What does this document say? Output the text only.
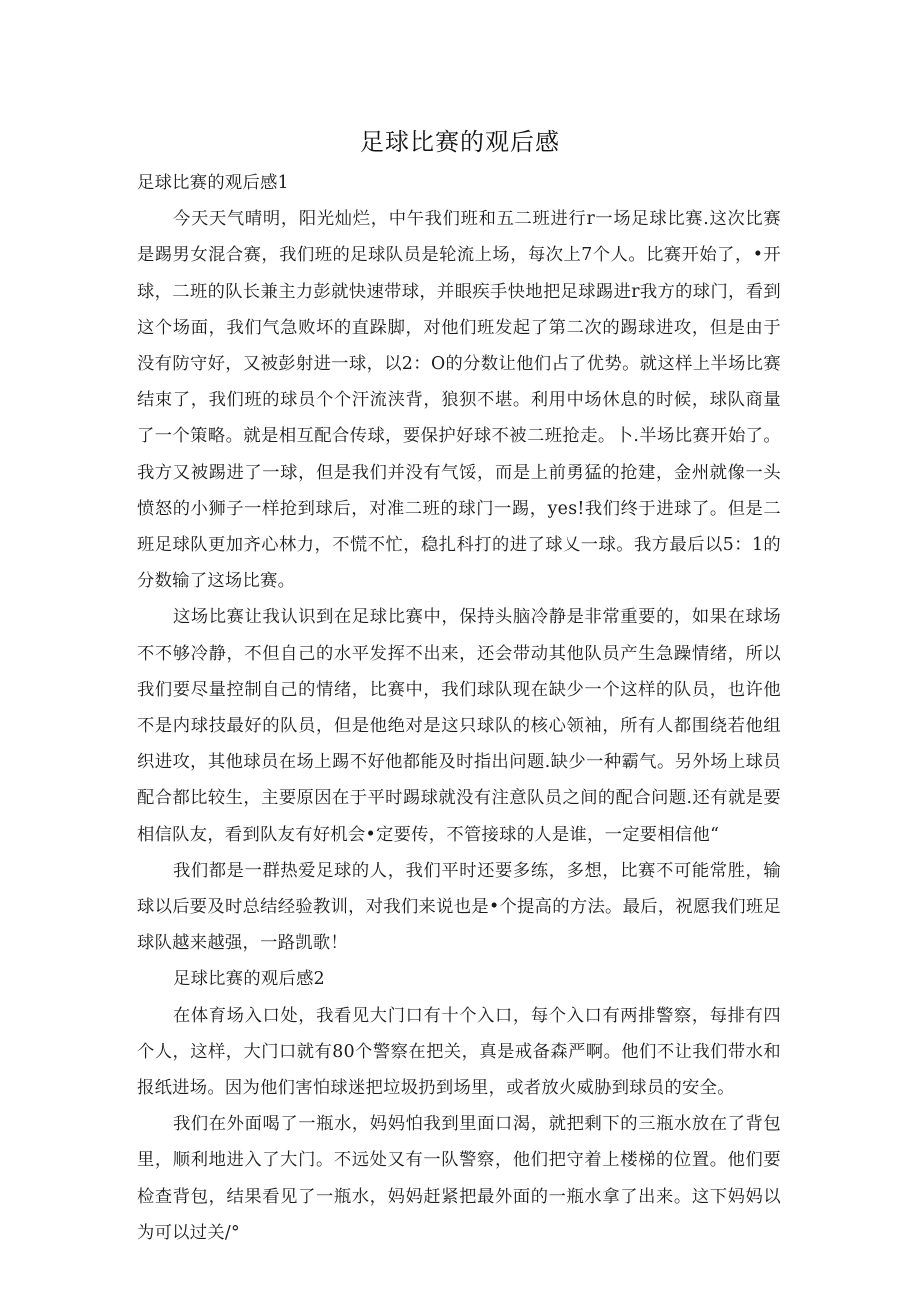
足球比赛的观后感
足球比赛的观后感1

今天天气晴明，阳光灿烂，中午我们班和五二班进行r一场足球比赛.这次比赛是踢男女混合赛，我们班的足球队员是轮流上场，每次上7个人。比赛开始了，•开球，二班的队长兼主力彭就快速带球，并眼疾手快地把足球踢进r我方的球门，看到这个场面，我们气急败坏的直跺脚，对他们班发起了第二次的踢球进攻，但是由于没有防守好，又被彭射进一球，以2：O的分数让他们占了优势。就这样上半场比赛结束了，我们班的球员个个汗流浃背，狼狈不堪。利用中场休息的时候，球队商量了一个策略。就是相互配合传球，要保护好球不被二班抢走。卜.半场比赛开始了。我方又被踢进了一球，但是我们并没有气馁，而是上前勇猛的抢建，金州就像一头愤怒的小狮子一样抢到球后，对准二班的球门一踢，yes!我们终于进球了。但是二班足球队更加齐心林力，不慌不忙，稳扎科打的进了球乂一球。我方最后以5：1的分数输了这场比赛。

这场比赛让我认识到在足球比赛中，保持头脑冷静是非常重要的，如果在球场不不够冷静，不但自己的水平发挥不出来，还会带动其他队员产生急躁情绪，所以我们要尽量控制自己的情绪，比赛中，我们球队现在缺少一个这样的队员，也许他不是内球技最好的队员，但是他绝对是这只球队的核心领袖，所有人都围绕若他组织进攻，其他球员在场上踢不好他都能及时指出问题.缺少一种霸气。另外场上球员配合都比较生，主要原因在于平时踢球就没有注意队员之间的配合问题.还有就是要相信队友，看到队友有好机会•定要传，不管接球的人是谁，一定要相信他“

我们都是一群热爱足球的人，我们平时还要多练，多想，比赛不可能常胜，输球以后要及时总结经验教训，对我们来说也是•个提高的方法。最后，祝愿我们班足球队越来越强，一路凯歌！

足球比赛的观后感2

在体育场入口处，我看见大门口有十个入口，每个入口有两排警察，每排有四个人，这样，大门口就有80个警察在把关，真是戒备森严啊。他们不让我们带水和报纸进场。因为他们害怕球迷把垃圾扔到场里，或者放火威胁到球员的安全。

我们在外面喝了一瓶水，妈妈怕我到里面口渴，就把剩下的三瓶水放在了背包里，顺利地进入了大门。不远处又有一队警察，他们把守着上楼梯的位置。他们要检查背包，结果看见了一瓶水，妈妈赶紧把最外面的一瓶水拿了出来。这下妈妈以为可以过关/°
